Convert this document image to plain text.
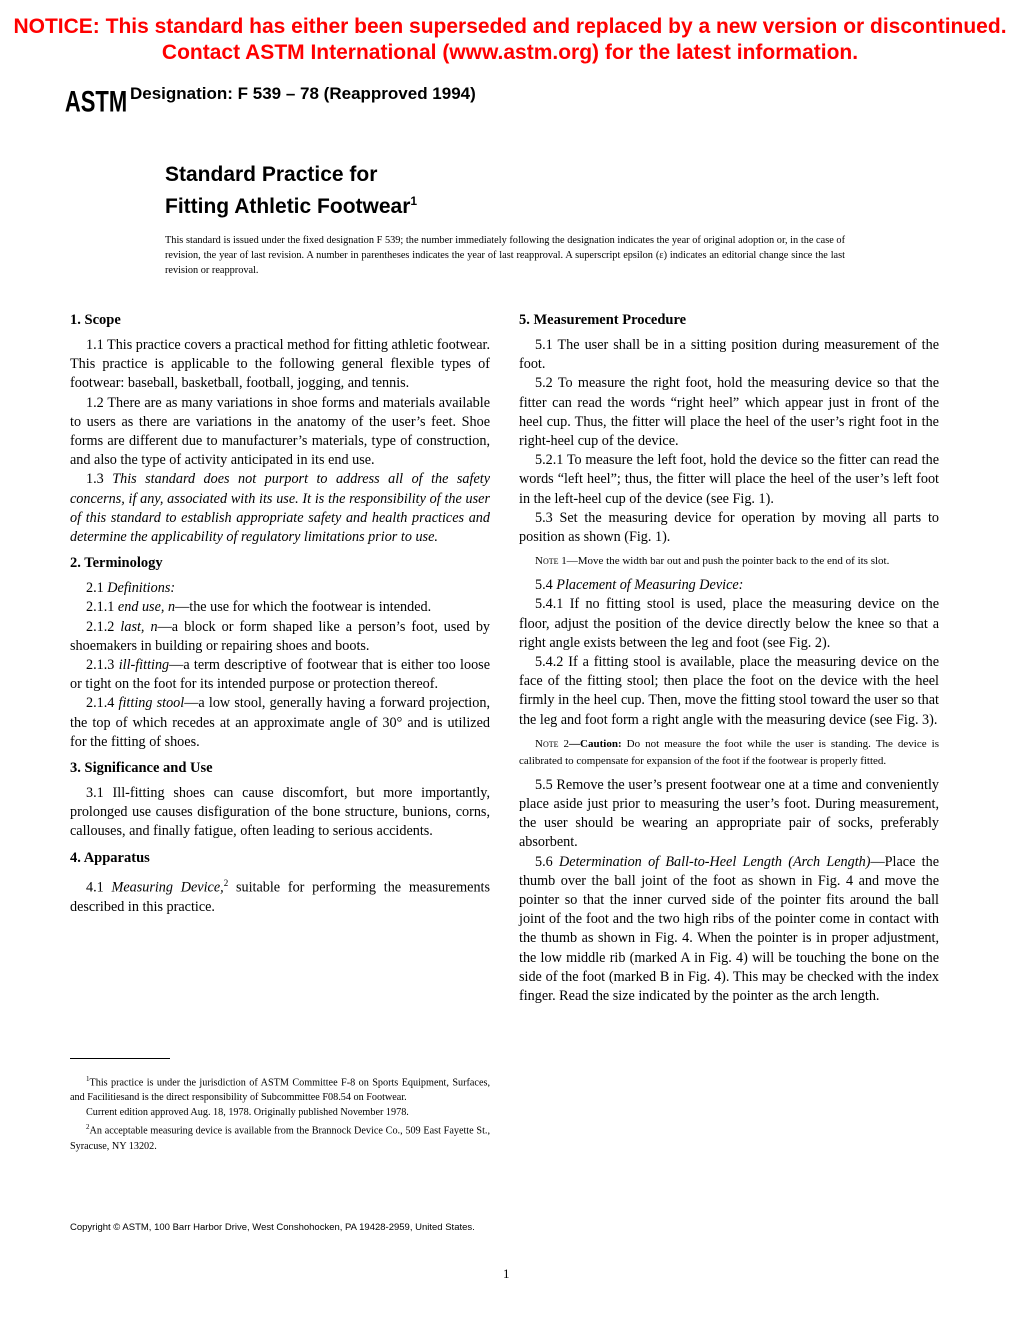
NOTICE: This standard has either been superseded and replaced by a new version or discontinued.
Contact ASTM International (www.astm.org) for the latest information.
ASTM Designation: F 539 – 78 (Reapproved 1994)
Standard Practice for
Fitting Athletic Footwear$^1$
This standard is issued under the fixed designation F 539; the number immediately following the designation indicates the year of original adoption or, in the case of revision, the year of last revision. A number in parentheses indicates the year of last reapproval. A superscript epsilon (ε) indicates an editorial change since the last revision or reapproval.
1. Scope

1.1 This practice covers a practical method for fitting athletic footwear. This practice is applicable to the following general flexible types of footwear: baseball, basketball, football, jogging, and tennis.

1.2 There are as many variations in shoe forms and materials available to users as there are variations in the anatomy of the user’s feet. Shoe forms are different due to manufacturer’s materials, type of construction, and also the type of activity anticipated in its end use.

1.3 This standard does not purport to address all of the safety concerns, if any, associated with its use. It is the responsibility of the user of this standard to establish appropriate safety and health practices and determine the applicability of regulatory limitations prior to use.

2. Terminology

2.1 Definitions:

2.1.1 end use, n—the use for which the footwear is intended.

2.1.2 last, n—a block or form shaped like a person’s foot, used by shoemakers in building or repairing shoes and boots.

2.1.3 ill-fitting—a term descriptive of footwear that is either too loose or tight on the foot for its intended purpose or protection thereof.

2.1.4 fitting stool—a low stool, generally having a forward projection, the top of which recedes at an approximate angle of 30° and is utilized for the fitting of shoes.

3. Significance and Use

3.1 Ill-fitting shoes can cause discomfort, but more importantly, prolonged use causes disfiguration of the bone structure, bunions, corns, callouses, and finally fatigue, often leading to serious accidents.

4. Apparatus

4.1 Measuring Device,$^2$ suitable for performing the measurements described in this practice.

5. Measurement Procedure

5.1 The user shall be in a sitting position during measurement of the foot.

5.2 To measure the right foot, hold the measuring device so that the fitter can read the words “right heel” which appear just in front of the heel cup. Thus, the fitter will place the heel of the user’s right foot in the right-heel cup of the device.

5.2.1 To measure the left foot, hold the device so the fitter can read the words “left heel”; thus, the fitter will place the heel of the user’s left foot in the left-heel cup of the device (see Fig. 1).

5.3 Set the measuring device for operation by moving all parts to position as shown (Fig. 1).

Note 1—Move the width bar out and push the pointer back to the end of its slot.

5.4 Placement of Measuring Device:

5.4.1 If no fitting stool is used, place the measuring device on the floor, adjust the position of the device directly below the knee so that a right angle exists between the leg and foot (see Fig. 2).

5.4.2 If a fitting stool is available, place the measuring device on the face of the fitting stool; then place the foot on the device with the heel firmly in the heel cup. Then, move the fitting stool toward the user so that the leg and foot form a right angle with the measuring device (see Fig. 3).

Note 2—Caution: Do not measure the foot while the user is standing. The device is calibrated to compensate for expansion of the foot if the footwear is properly fitted.

5.5 Remove the user’s present footwear one at a time and conveniently place aside just prior to measuring the user’s foot. During measurement, the user should be wearing an appropriate pair of socks, preferably absorbent.

5.6 Determination of Ball-to-Heel Length (Arch Length)—Place the thumb over the ball joint of the foot as shown in Fig. 4 and move the pointer so that the inner curved side of the pointer fits around the ball joint of the foot and the two high ribs of the pointer come in contact with the thumb as shown in Fig. 4. When the pointer is in proper adjustment, the low middle rib (marked A in Fig. 4) will be touching the bone on the side of the foot (marked B in Fig. 4). This may be checked with the index finger. Read the size indicated by the pointer as the arch length.

$^1$This practice is under the jurisdiction of ASTM Committee F-8 on Sports Equipment, Surfaces, and Facilitiesand is the direct responsibility of Subcommittee F08.54 on Footwear.

Current edition approved Aug. 18, 1978. Originally published November 1978.

$^2$An acceptable measuring device is available from the Brannock Device Co., 509 East Fayette St., Syracuse, NY 13202.

Copyright © ASTM, 100 Barr Harbor Drive, West Conshohocken, PA 19428-2959, United States.
1
